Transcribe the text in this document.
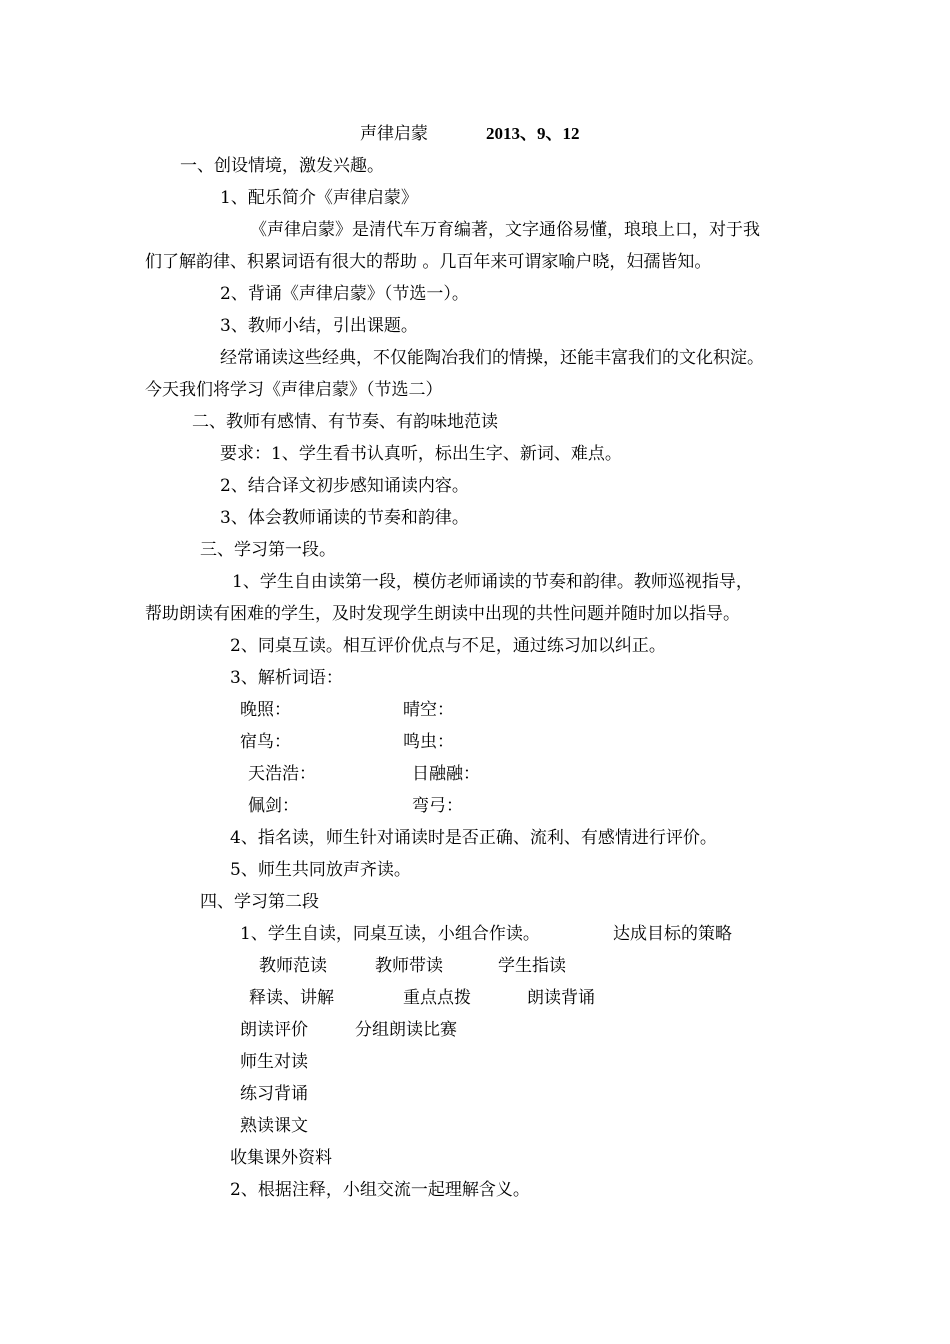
声律启蒙	2013、9、12
一、创设情境，激发兴趣。
1、配乐简介《声律启蒙》
《声律启蒙》是清代车万育编著，文字通俗易懂，琅琅上口，对于我
们了解韵律、积累词语有很大的帮助 。几百年来可谓家喻户晓，妇孺皆知。
2、背诵《声律启蒙》（节选一）。
3、教师小结，引出课题。
经常诵读这些经典，不仅能陶冶我们的情操，还能丰富我们的文化积淀。
今天我们将学习《声律启蒙》（节选二）
二、教师有感情、有节奏、有韵味地范读
要求：1、学生看书认真听，标出生字、新词、难点。
2、结合译文初步感知诵读内容。
3、体会教师诵读的节奏和韵律。
三、学习第一段。
1、学生自由读第一段，模仿老师诵读的节奏和韵律。教师巡视指导，
帮助朗读有困难的学生，及时发现学生朗读中出现的共性问题并随时加以指导。
2、同桌互读。相互评价优点与不足，通过练习加以纠正。
3、解析词语：
晚照：	晴空：
宿鸟：	鸣虫：
天浩浩：	日融融：
佩剑：	弯弓：
4、指名读，师生针对诵读时是否正确、流利、有感情进行评价。
5、师生共同放声齐读。
四、学习第二段
1、学生自读，同桌互读，小组合作读。	达成目标的策略
教师范读	教师带读	学生指读
释读、讲解	重点点拨	朗读背诵
朗读评价	分组朗读比赛
师生对读
练习背诵
熟读课文
收集课外资料
2、根据注释，小组交流一起理解含义。
